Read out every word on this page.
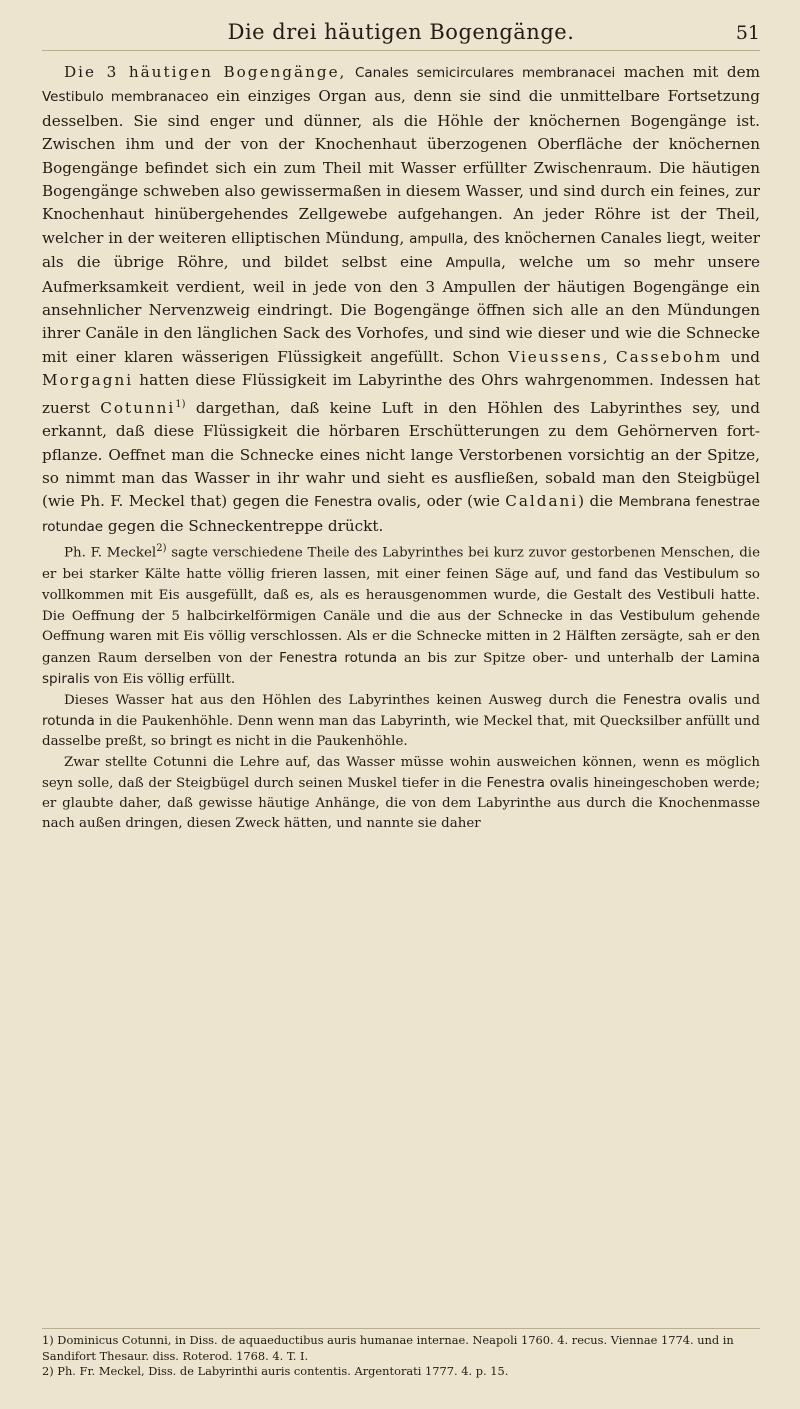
Die drei häutigen Bogengänge.	51

Die 3 häutigen Bogengänge, Canales semicirculares membranacei machen mit dem Vestibulo membranaceo ein einziges Organ aus, denn sie sind die unmittelbare Fortsetzung desselben. Sie sind enger und dünner, als die Höhle der knöchernen Bogengänge ist. Zwischen ihm und der von der Knochenhaut überzogenen Oberfläche der knöchernen Bogengänge befindet sich ein zum Theil mit Wasser erfüllter Zwischenraum. Die häutigen Bogengänge schweben also gewissermaßen in diesem Wasser, und sind durch ein feines, zur Knochenhaut hinübergehendes Zellgewebe aufgehangen. An jeder Röhre ist der Theil, welcher in der weiteren elliptischen Mündung, ampulla, des knöchernen Canales liegt, weiter als die übrige Röhre, und bildet selbst eine Ampulla, welche um so mehr unsere Aufmerksamkeit verdient, weil in jede von den 3 Ampullen der häutigen Bogengänge ein ansehnlicher Nervenzweig eindringt. Die Bogengänge öffnen sich alle an den Mündungen ihrer Canäle in den länglichen Sack des Vorhofes, und sind wie dieser und wie die Schnecke mit einer klaren wässerigen Flüssigkeit angefüllt. Schon Vieussens, Cassebohm und Morgagni hatten diese Flüssigkeit im Labyrinthe des Ohrs wahrgenommen. Indessen hat zuerst Cotunni$^{1)}$ dargethan, daß keine Luft in den Höhlen des Labyrinthes sey, und erkannt, daß diese Flüssigkeit die hörbaren Erschütterungen zu dem Gehörnerven fortpflanze. Oeffnet man die Schnecke eines nicht lange Verstorbenen vorsichtig an der Spitze, so nimmt man das Wasser in ihr wahr und sieht es ausfließen, sobald man den Steigbügel (wie Ph. F. Meckel that) gegen die Fenestra ovalis, oder (wie Caldani) die Membrana fenestrae rotundae gegen die Schneckentreppe drückt.

Ph. F. Meckel$^{2)}$ sagte verschiedene Theile des Labyrinthes bei kurz zuvor gestorbenen Menschen, die er bei starker Kälte hatte völlig frieren lassen, mit einer feinen Säge auf, und fand das Vestibulum so vollkommen mit Eis ausgefüllt, daß es, als es herausgenommen wurde, die Gestalt des Vestibuli hatte. Die Oeffnung der 5 halbcirkelförmigen Canäle und die aus der Schnecke in das Vestibulum gehende Oeffnung waren mit Eis völlig verschlossen. Als er die Schnecke mitten in 2 Hälften zersägte, sah er den ganzen Raum derselben von der Fenestra rotunda an bis zur Spitze ober- und unterhalb der Lamina spiralis von Eis völlig erfüllt.

Dieses Wasser hat aus den Höhlen des Labyrinthes keinen Ausweg durch die Fenestra ovalis und rotunda in die Paukenhöhle. Denn wenn man das Labyrinth, wie Meckel that, mit Quecksilber anfüllt und dasselbe preßt, so bringt es nicht in die Paukenhöhle.

Zwar stellte Cotunni die Lehre auf, das Wasser müsse wohin ausweichen können, wenn es möglich seyn solle, daß der Steigbügel durch seinen Muskel tiefer in die Fenestra ovalis hineingeschoben werde; er glaubte daher, daß gewisse häutige Anhänge, die von dem Labyrinthe aus durch die Knochenmasse nach außen dringen, diesen Zweck hätten, und nannte sie daher

1) Dominicus Cotunni, in Diss. de aquaeductibus auris humanae internae. Neapoli 1760. 4. recus. Viennae 1774. und in Sandifort Thesaur. diss. Roterod. 1768. 4. T. I.

2) Ph. Fr. Meckel, Diss. de Labyrinthi auris contentis. Argentorati 1777. 4. p. 15.
